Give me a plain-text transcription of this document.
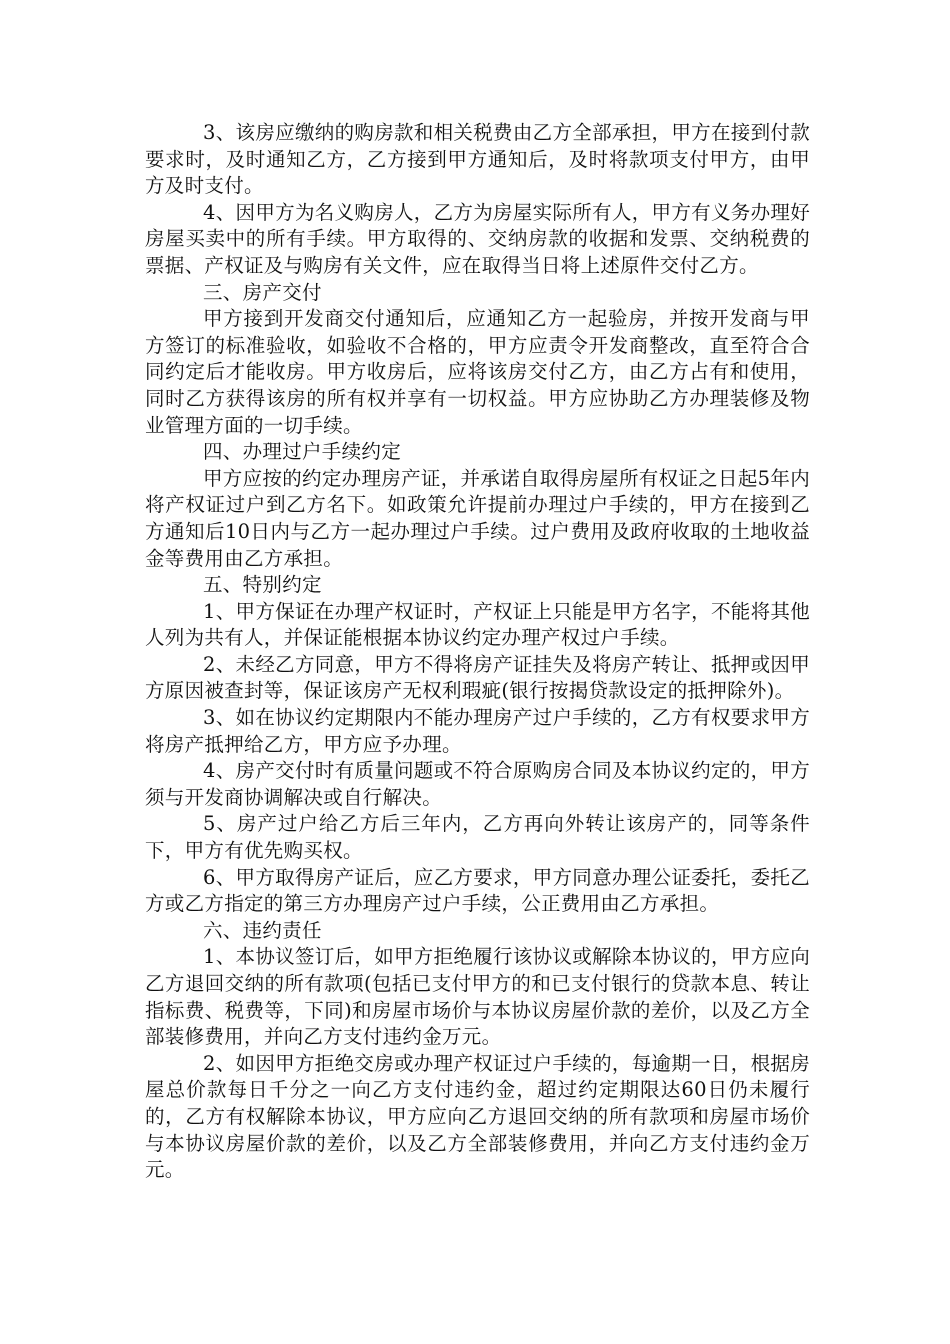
3、该房应缴纳的购房款和相关税费由乙方全部承担，甲方在接到付款要求时，及时通知乙方，乙方接到甲方通知后，及时将款项支付甲方，由甲方及时支付。

4、因甲方为名义购房人，乙方为房屋实际所有人，甲方有义务办理好房屋买卖中的所有手续。甲方取得的、交纳房款的收据和发票、交纳税费的票据、产权证及与购房有关文件，应在取得当日将上述原件交付乙方。

三、房产交付

甲方接到开发商交付通知后，应通知乙方一起验房，并按开发商与甲方签订的标准验收，如验收不合格的，甲方应责令开发商整改，直至符合合同约定后才能收房。甲方收房后，应将该房交付乙方，由乙方占有和使用，同时乙方获得该房的所有权并享有一切权益。甲方应协助乙方办理装修及物业管理方面的一切手续。

四、办理过户手续约定

甲方应按的约定办理房产证，并承诺自取得房屋所有权证之日起5年内将产权证过户到乙方名下。如政策允许提前办理过户手续的，甲方在接到乙方通知后10日内与乙方一起办理过户手续。过户费用及政府收取的土地收益金等费用由乙方承担。

五、特别约定

1、甲方保证在办理产权证时，产权证上只能是甲方名字，不能将其他人列为共有人，并保证能根据本协议约定办理产权过户手续。

2、未经乙方同意，甲方不得将房产证挂失及将房产转让、抵押或因甲方原因被查封等，保证该房产无权利瑕疵(银行按揭贷款设定的抵押除外)。

3、如在协议约定期限内不能办理房产过户手续的，乙方有权要求甲方将房产抵押给乙方，甲方应予办理。

4、房产交付时有质量问题或不符合原购房合同及本协议约定的，甲方须与开发商协调解决或自行解决。

5、房产过户给乙方后三年内，乙方再向外转让该房产的，同等条件下，甲方有优先购买权。

6、甲方取得房产证后，应乙方要求，甲方同意办理公证委托，委托乙方或乙方指定的第三方办理房产过户手续，公正费用由乙方承担。

六、违约责任

1、本协议签订后，如甲方拒绝履行该协议或解除本协议的，甲方应向乙方退回交纳的所有款项(包括已支付甲方的和已支付银行的贷款本息、转让指标费、税费等，下同)和房屋市场价与本协议房屋价款的差价，以及乙方全部装修费用，并向乙方支付违约金万元。

2、如因甲方拒绝交房或办理产权证过户手续的，每逾期一日，根据房屋总价款每日千分之一向乙方支付违约金，超过约定期限达60日仍未履行的，乙方有权解除本协议，甲方应向乙方退回交纳的所有款项和房屋市场价与本协议房屋价款的差价，以及乙方全部装修费用，并向乙方支付违约金万元。
